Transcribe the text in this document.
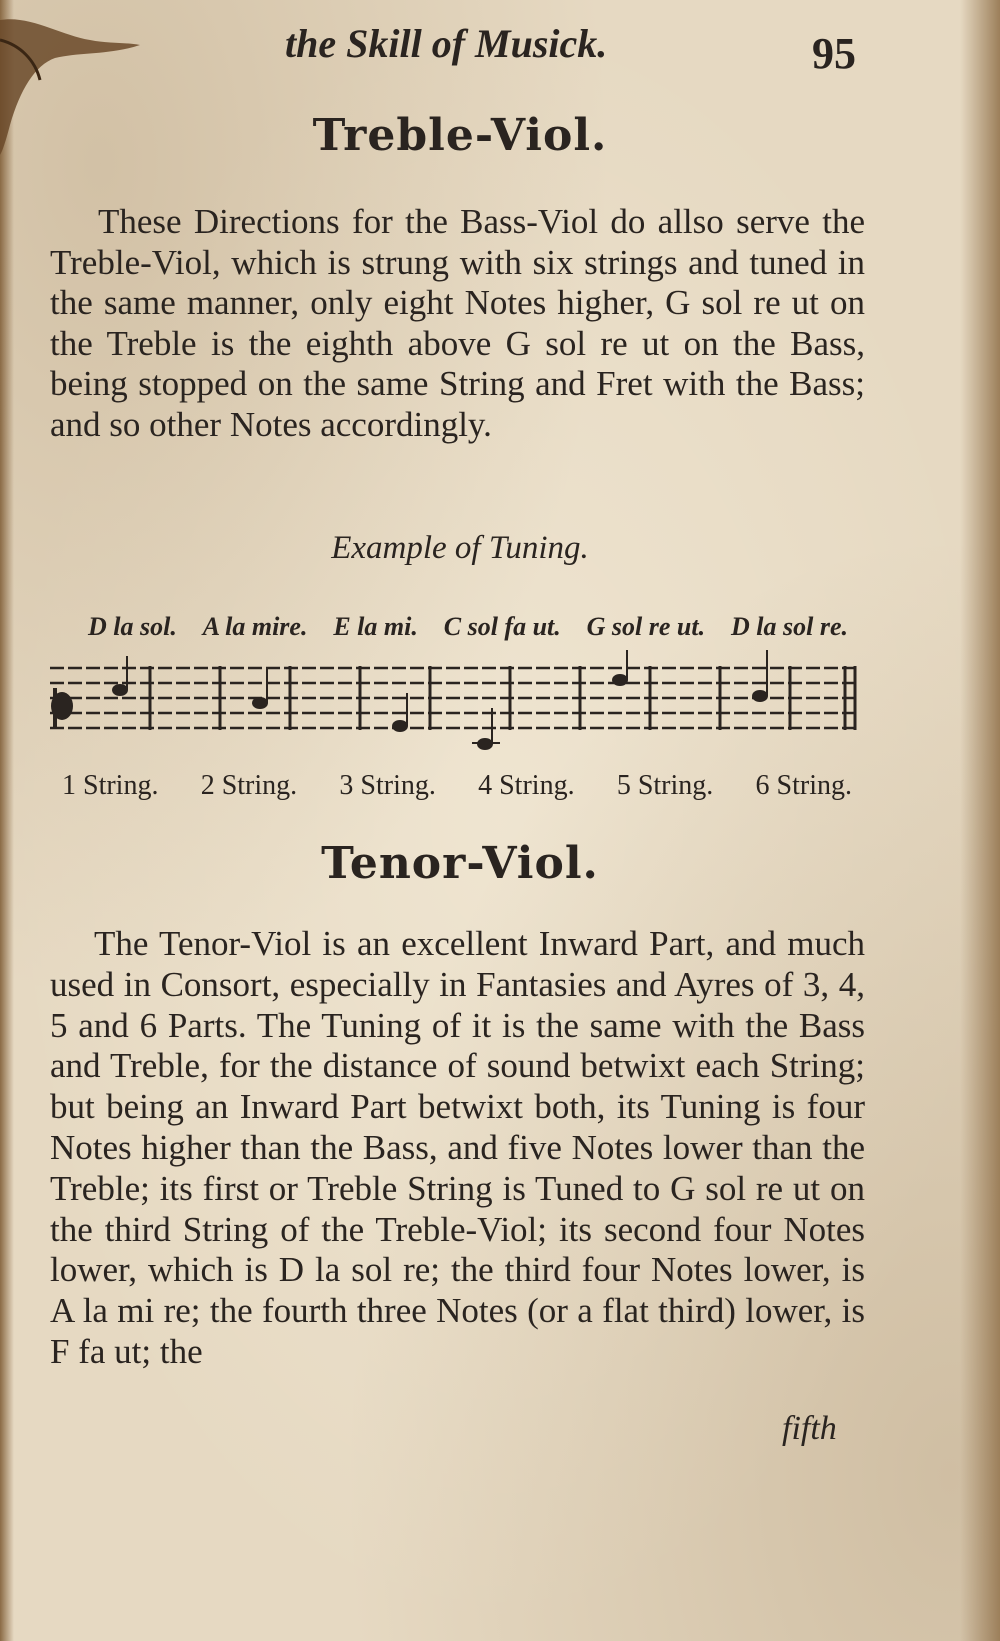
the Skill of Musick.	95
Treble-Viol.
These Directions for the Bass-Viol do allso serve the Treble-Viol, which is strung with six strings and tuned in the same manner, only eight Notes higher, G sol re ut on the Treble is the eighth above G sol re ut on the Bass, being stopped on the same String and Fret with the Bass; and so other Notes accordingly.
Example of Tuning.
D la sol. A la mire. E la mi. C sol fa ut. G sol re ut. D la sol re.
1 String. 2 String. 3 String. 4 String. 5 String. 6 String.
Tenor-Viol.
The Tenor-Viol is an excellent Inward Part, and much used in Consort, especially in Fantasies and Ayres of 3, 4, 5 and 6 Parts. The Tuning of it is the same with the Bass and Treble, for the distance of sound betwixt each String; but being an Inward Part betwixt both, its Tuning is four Notes higher than the Bass, and five Notes lower than the Treble; its first or Treble String is Tuned to G sol re ut on the third String of the Treble-Viol; its second four Notes lower, which is D la sol re; the third four Notes lower, is A la mi re; the fourth three Notes (or a flat third) lower, is F fa ut; the
fifth
